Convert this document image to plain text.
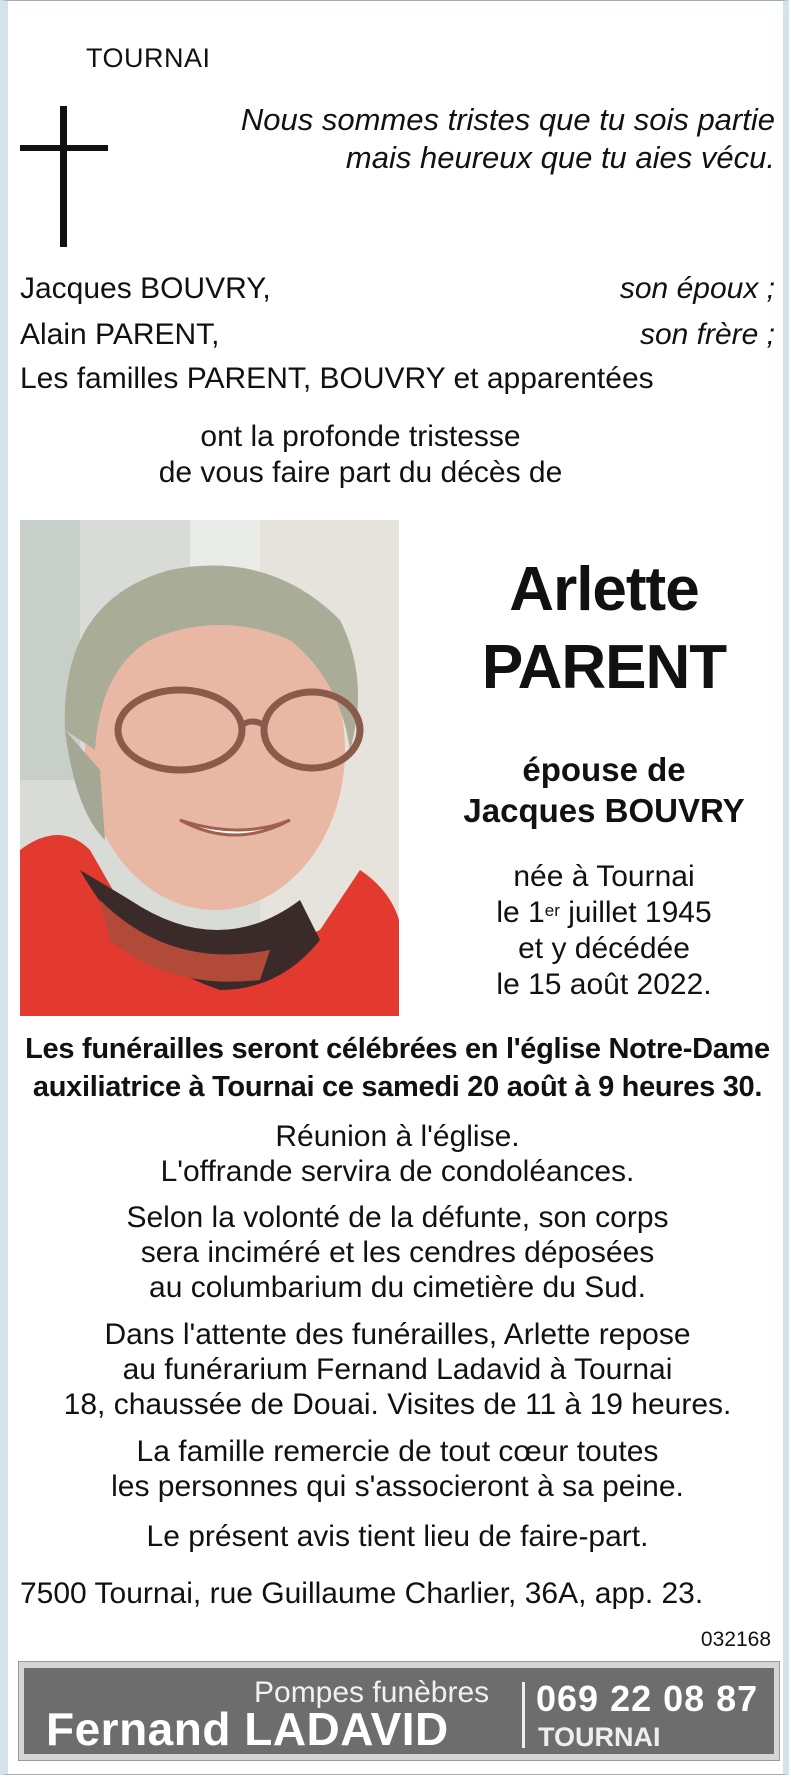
TOURNAI
Nous sommes tristes que tu sois partie
mais heureux que tu aies vécu.
Jacques BOUVRY,	son époux ;
Alain PARENT,	son frère ;
Les familles PARENT, BOUVRY et apparentées
ont la profonde tristesse
de vous faire part du décès de
Arlette
PARENT
épouse de
Jacques BOUVRY
née à Tournai
le 1er juillet 1945
et y décédée
le 15 août 2022.
Les funérailles seront célébrées en l'église Notre-Dame
auxiliatrice à Tournai ce samedi 20 août à 9 heures 30.
Réunion à l'église.
L'offrande servira de condoléances.
Selon la volonté de la défunte, son corps
sera inciméré et les cendres déposées
au columbarium du cimetière du Sud.
Dans l'attente des funérailles, Arlette repose
au funérarium Fernand Ladavid à Tournai
18, chaussée de Douai. Visites de 11 à 19 heures.
La famille remercie de tout cœur toutes
les personnes qui s'associeront à sa peine.
Le présent avis tient lieu de faire-part.
7500 Tournai, rue Guillaume Charlier, 36A, app. 23.
032168
Pompes funèbres
Fernand LADAVID
069 22 08 87
TOURNAI
